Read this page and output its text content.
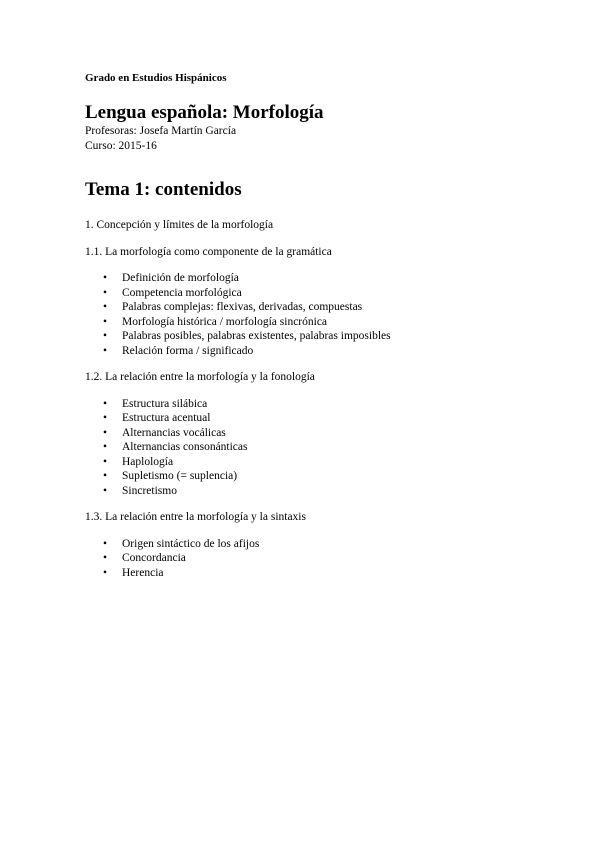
Grado en Estudios Hispánicos

Lengua española: Morfología

Profesoras: Josefa Martín García

Curso: 2015-16

Tema 1: contenidos

1. Concepción y límites de la morfología

1.1. La morfología como componente de la gramática

• Definición de morfología
• Competencia morfológica
• Palabras complejas: flexivas, derivadas, compuestas
• Morfología histórica / morfología sincrónica
• Palabras posibles, palabras existentes, palabras imposibles
• Relación forma / significado

1.2. La relación entre la morfología y la fonología

• Estructura silábica
• Estructura acentual
• Alternancias vocálicas
• Alternancias consonánticas
• Haplología
• Supletismo (= suplencia)
• Sincretismo

1.3. La relación entre la morfología y la sintaxis

• Origen sintáctico de los afijos
• Concordancia
• Herencia
